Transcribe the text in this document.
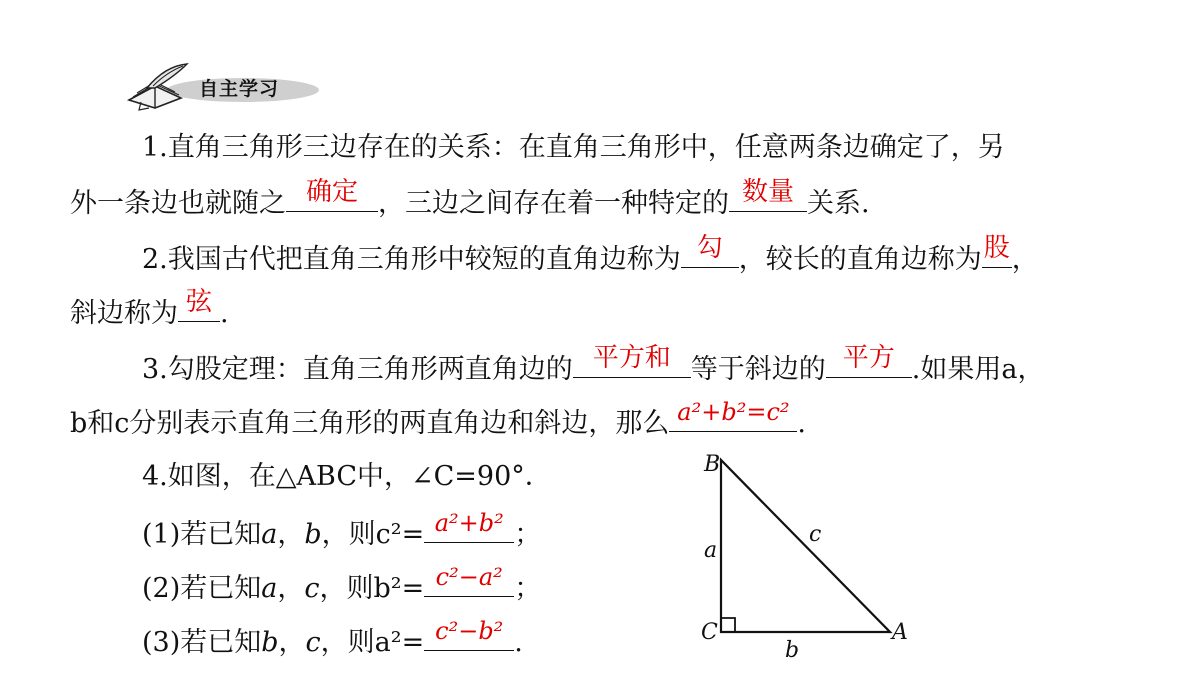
自主学习
1.直角三角形三边存在的关系：在直角三角形中，任意两条边确定了，另
外一条边也就随之 确定 ，三边之间存在着一种特定的 数量 关系.
2.我国古代把直角三角形中较短的直角边称为 勾 ，较长的直角边称为 股 ，
斜边称为 弦 .
3.勾股定理：直角三角形两直角边的 平方和 等于斜边的 平方 .如果用a，
b和c分别表示直角三角形的两直角边和斜边，那么 a²+b²=c² .
4.如图，在△ABC中，∠C=90°．
(1)若已知a，b，则c²= a²+b² ；
(2)若已知a，c，则b²= c²−a² ；
(3)若已知b，c，则a²= c²−b² .
B
C	A
a
b
c
